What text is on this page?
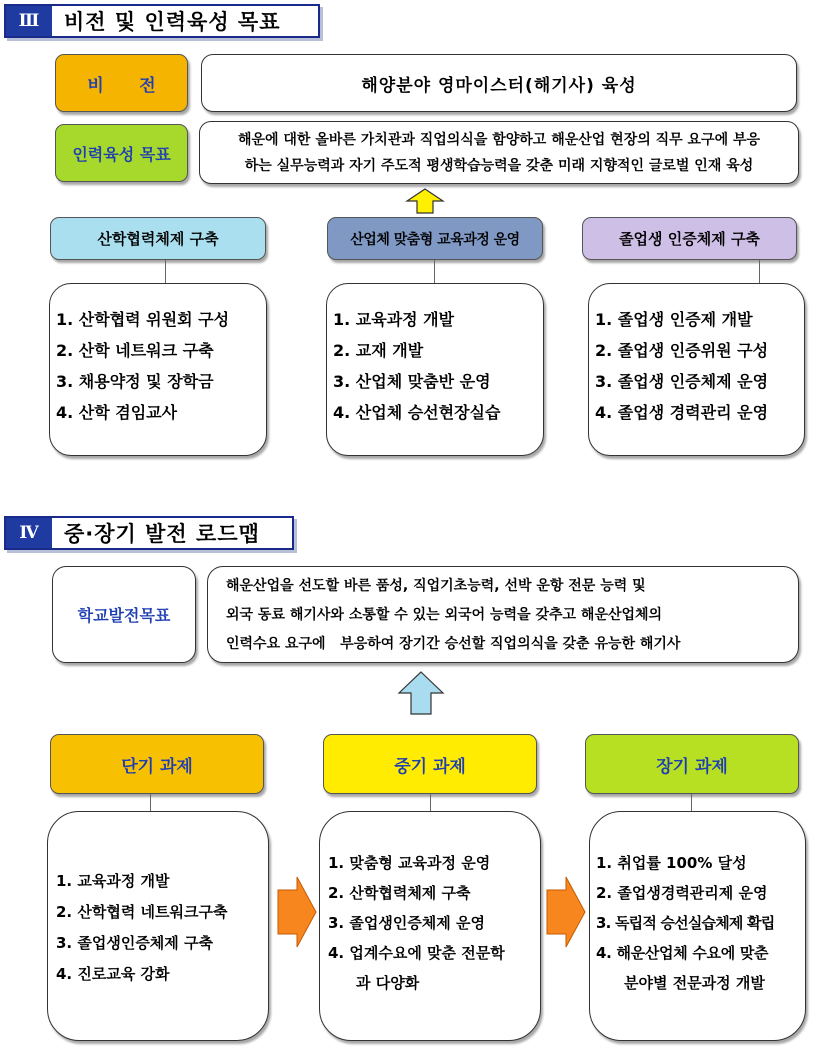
Ⅲ	비전 및 인력육성 목표
비      전	해양분야 영마이스터(해기사) 육성
인력육성 목표
해운에 대한 올바른 가치관과 직업의식을 함양하고 해운산업 현장의 직무 요구에 부응
하는 실무능력과 자기 주도적 평생학습능력을 갖춘 미래 지향적인 글로벌 인재 육성
산학협력체제 구축	산업체 맞춤형 교육과정 운영	졸업생 인증체제 구축
1. 산학협력 위원회 구성
2. 산학 네트워크 구축
3. 채용약정 및 장학금
4. 산학 겸임교사
1. 교육과정 개발
2. 교재 개발
3. 산업체 맞춤반 운영
4. 산업체 승선현장실습
1. 졸업생 인증제 개발
2. 졸업생 인증위원 구성
3. 졸업생 인증체제 운영
4. 졸업생 경력관리 운영
Ⅳ	중·장기 발전 로드맵
학교발전목표
해운산업을 선도할 바른 품성, 직업기초능력, 선박 운항 전문 능력 및
외국 동료 해기사와 소통할 수 있는 외국어 능력을 갖추고 해운산업체의
인력수요 요구에   부응하여 장기간 승선할 직업의식을 갖춘 유능한 해기사
단기 과제	중기 과제	장기 과제
1. 교육과정 개발
2. 산학협력 네트워크구축
3. 졸업생인증체제 구축
4. 진로교육 강화
1. 맞춤형 교육과정 운영
2. 산학협력체제 구축
3. 졸업생인증체제 운영
4. 업계수요에 맞춘 전문학
과 다양화
1. 취업률 100% 달성
2. 졸업생경력관리제 운영
3. 독립적 승선실습체제 확립
4. 해운산업체 수요에 맞춘
분야별 전문과정 개발
